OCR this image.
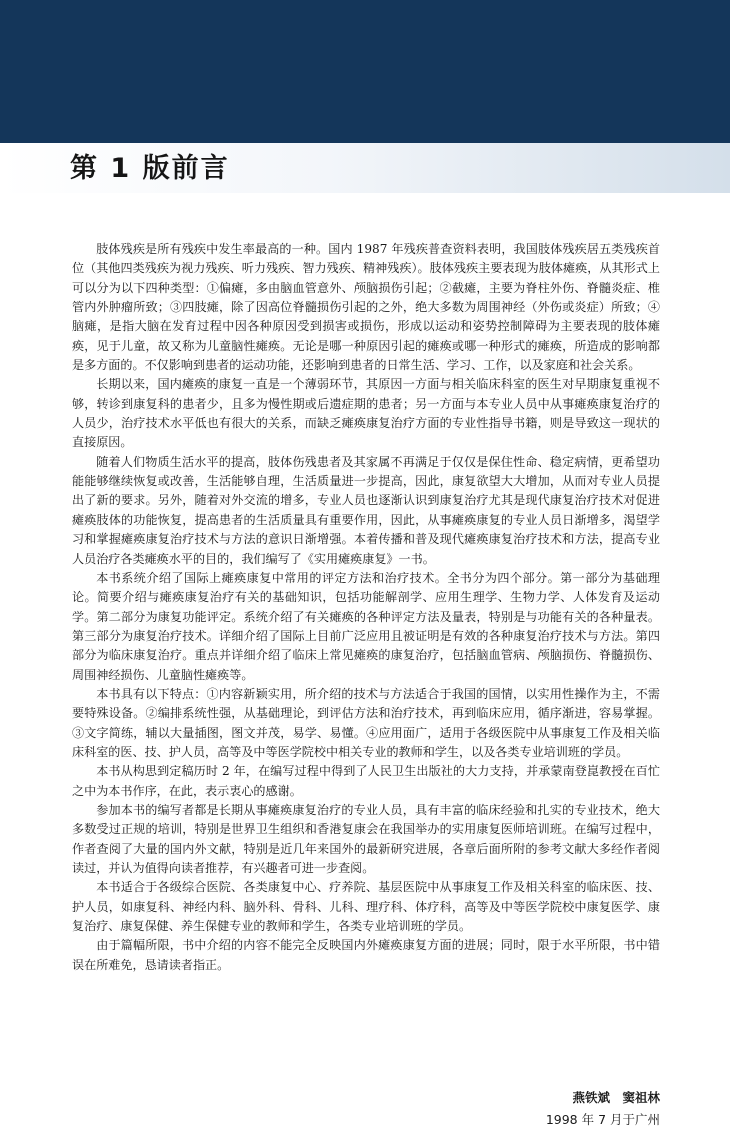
第 1 版前言

肢体残疾是所有残疾中发生率最高的一种。国内 1987 年残疾普查资料表明，我国肢体残疾居五类残疾首位（其他四类残疾为视力残疾、听力残疾、智力残疾、精神残疾）。肢体残疾主要表现为肢体瘫痪，从其形式上可以分为以下四种类型：①偏瘫，多由脑血管意外、颅脑损伤引起；②截瘫，主要为脊柱外伤、脊髓炎症、椎管内外肿瘤所致；③四肢瘫，除了因高位脊髓损伤引起的之外，绝大多数为周围神经（外伤或炎症）所致；④脑瘫，是指大脑在发育过程中因各种原因受到损害或损伤，形成以运动和姿势控制障碍为主要表现的肢体瘫痪，见于儿童，故又称为儿童脑性瘫痪。无论是哪一种原因引起的瘫痪或哪一种形式的瘫痪，所造成的影响都是多方面的。不仅影响到患者的运动功能，还影响到患者的日常生活、学习、工作，以及家庭和社会关系。

长期以来，国内瘫痪的康复一直是一个薄弱环节，其原因一方面与相关临床科室的医生对早期康复重视不够，转诊到康复科的患者少，且多为慢性期或后遗症期的患者；另一方面与本专业人员中从事瘫痪康复治疗的人员少，治疗技术水平低也有很大的关系，而缺乏瘫痪康复治疗方面的专业性指导书籍，则是导致这一现状的直接原因。

随着人们物质生活水平的提高，肢体伤残患者及其家属不再满足于仅仅是保住性命、稳定病情，更希望功能能够继续恢复或改善，生活能够自理，生活质量进一步提高，因此，康复欲望大大增加，从而对专业人员提出了新的要求。另外，随着对外交流的增多，专业人员也逐渐认识到康复治疗尤其是现代康复治疗技术对促进瘫痪肢体的功能恢复，提高患者的生活质量具有重要作用，因此，从事瘫痪康复的专业人员日渐增多，渴望学习和掌握瘫痪康复治疗技术与方法的意识日渐增强。本着传播和普及现代瘫痪康复治疗技术和方法，提高专业人员治疗各类瘫痪水平的目的，我们编写了《实用瘫痪康复》一书。

本书系统介绍了国际上瘫痪康复中常用的评定方法和治疗技术。全书分为四个部分。第一部分为基础理论。简要介绍与瘫痪康复治疗有关的基础知识，包括功能解剖学、应用生理学、生物力学、人体发育及运动学。第二部分为康复功能评定。系统介绍了有关瘫痪的各种评定方法及量表，特别是与功能有关的各种量表。第三部分为康复治疗技术。详细介绍了国际上目前广泛应用且被证明是有效的各种康复治疗技术与方法。第四部分为临床康复治疗。重点并详细介绍了临床上常见瘫痪的康复治疗，包括脑血管病、颅脑损伤、脊髓损伤、周围神经损伤、儿童脑性瘫痪等。

本书具有以下特点：①内容新颖实用，所介绍的技术与方法适合于我国的国情，以实用性操作为主，不需要特殊设备。②编排系统性强，从基础理论，到评估方法和治疗技术，再到临床应用，循序渐进，容易掌握。③文字简练，辅以大量插图，图文并茂，易学、易懂。④应用面广，适用于各级医院中从事康复工作及相关临床科室的医、技、护人员，高等及中等医学院校中相关专业的教师和学生，以及各类专业培训班的学员。

本书从构思到定稿历时 2 年，在编写过程中得到了人民卫生出版社的大力支持，并承蒙南登崑教授在百忙之中为本书作序，在此，表示衷心的感谢。

参加本书的编写者都是长期从事瘫痪康复治疗的专业人员，具有丰富的临床经验和扎实的专业技术，绝大多数受过正规的培训，特别是世界卫生组织和香港复康会在我国举办的实用康复医师培训班。在编写过程中，作者查阅了大量的国内外文献，特别是近几年来国外的最新研究进展，各章后面所附的参考文献大多经作者阅读过，并认为值得向读者推荐，有兴趣者可进一步查阅。

本书适合于各级综合医院、各类康复中心、疗养院、基层医院中从事康复工作及相关科室的临床医、技、护人员，如康复科、神经内科、脑外科、骨科、儿科、理疗科、体疗科，高等及中等医学院校中康复医学、康复治疗、康复保健、养生保健专业的教师和学生，各类专业培训班的学员。

由于篇幅所限，书中介绍的内容不能完全反映国内外瘫痪康复方面的进展；同时，限于水平所限，书中错误在所难免，恳请读者指正。

燕铁斌　窦祖林
1998 年 7 月于广州
